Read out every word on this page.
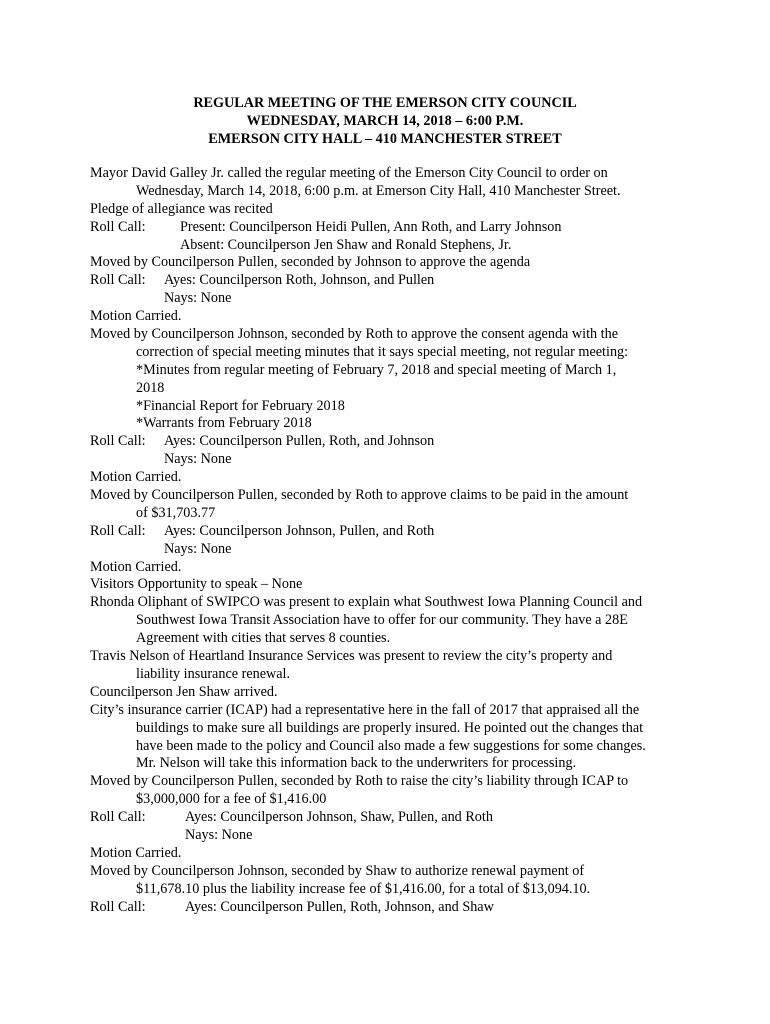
REGULAR MEETING OF THE EMERSON CITY COUNCIL
WEDNESDAY, MARCH 14, 2018 – 6:00 P.M.
EMERSON CITY HALL – 410 MANCHESTER STREET
Mayor David Galley Jr. called the regular meeting of the Emerson City Council to order on
Wednesday, March 14, 2018, 6:00 p.m. at Emerson City Hall, 410 Manchester Street.
Pledge of allegiance was recited
Roll Call: Present: Councilperson Heidi Pullen, Ann Roth, and Larry Johnson
Absent: Councilperson Jen Shaw and Ronald Stephens, Jr.
Moved by Councilperson Pullen, seconded by Johnson to approve the agenda
Roll Call: Ayes: Councilperson Roth, Johnson, and Pullen
Nays: None
Motion Carried.
Moved by Councilperson Johnson, seconded by Roth to approve the consent agenda with the
correction of special meeting minutes that it says special meeting, not regular meeting:
*Minutes from regular meeting of February 7, 2018 and special meeting of March 1,
2018
*Financial Report for February 2018
*Warrants from February 2018
Roll Call: Ayes: Councilperson Pullen, Roth, and Johnson
Nays: None
Motion Carried.
Moved by Councilperson Pullen, seconded by Roth to approve claims to be paid in the amount
of $31,703.77
Roll Call: Ayes: Councilperson Johnson, Pullen, and Roth
Nays: None
Motion Carried.
Visitors Opportunity to speak – None
Rhonda Oliphant of SWIPCO was present to explain what Southwest Iowa Planning Council and
Southwest Iowa Transit Association have to offer for our community. They have a 28E
Agreement with cities that serves 8 counties.
Travis Nelson of Heartland Insurance Services was present to review the city’s property and
liability insurance renewal.
Councilperson Jen Shaw arrived.
City’s insurance carrier (ICAP) had a representative here in the fall of 2017 that appraised all the
buildings to make sure all buildings are properly insured. He pointed out the changes that
have been made to the policy and Council also made a few suggestions for some changes.
Mr. Nelson will take this information back to the underwriters for processing.
Moved by Councilperson Pullen, seconded by Roth to raise the city’s liability through ICAP to
$3,000,000 for a fee of $1,416.00
Roll Call:	Ayes: Councilperson Johnson, Shaw, Pullen, and Roth
Nays: None
Motion Carried.
Moved by Councilperson Johnson, seconded by Shaw to authorize renewal payment of
$11,678.10 plus the liability increase fee of $1,416.00, for a total of $13,094.10.
Roll Call:	Ayes: Councilperson Pullen, Roth, Johnson, and Shaw
